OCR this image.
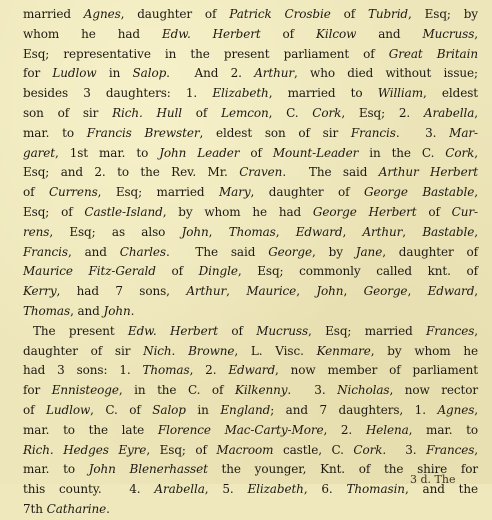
married Agnes, daughter of Patrick Crosbie of Tubrid, Esq; by
whom he had Edw. Herbert of Kilcow and Mucruss,
Esq; representative in the present parliament of Great Britain
for Ludlow in Salop.  And 2. Arthur, who died without issue;
besides 3 daughters: 1. Elizabeth, married to William, eldest
son of sir Rich. Hull of Lemcon, C. Cork, Esq; 2. Arabella,
mar. to Francis Brewster, eldest son of sir Francis.  3. Mar-
garet, 1st mar. to John Leader of Mount-Leader in the C. Cork,
Esq; and 2. to the Rev. Mr. Craven.  The said Arthur Herbert
of Currens, Esq; married Mary, daughter of George Bastable,
Esq; of Castle-Island, by whom he had George Herbert of Cur-
rens, Esq; as also John, Thomas, Edward, Arthur, Bastable,
Francis, and Charles.  The said George, by Jane, daughter of
Maurice Fitz-Gerald of Dingle, Esq; commonly called knt. of
Kerry, had 7 sons, Arthur, Maurice, John, George, Edward,
Thomas, and John.
The present Edw. Herbert of Mucruss, Esq; married Frances,
daughter of sir Nich. Browne, L. Visc. Kenmare, by whom he
had 3 sons: 1. Thomas, 2. Edward, now member of parliament
for Ennisteoge, in the C. of Kilkenny.  3. Nicholas, now rector
of Ludlow, C. of Salop in England; and 7 daughters, 1. Agnes,
mar. to the late Florence Mac-Carty-More, 2. Helena, mar. to
Rich. Hedges Eyre, Esq; of Macroom castle, C. Cork.  3. Frances,
mar. to John Blenerhasset the younger, Knt. of the shire for
this county.  4. Arabella, 5. Elizabeth, 6. Thomasin, and the
7th Catharine.
3 d. The
